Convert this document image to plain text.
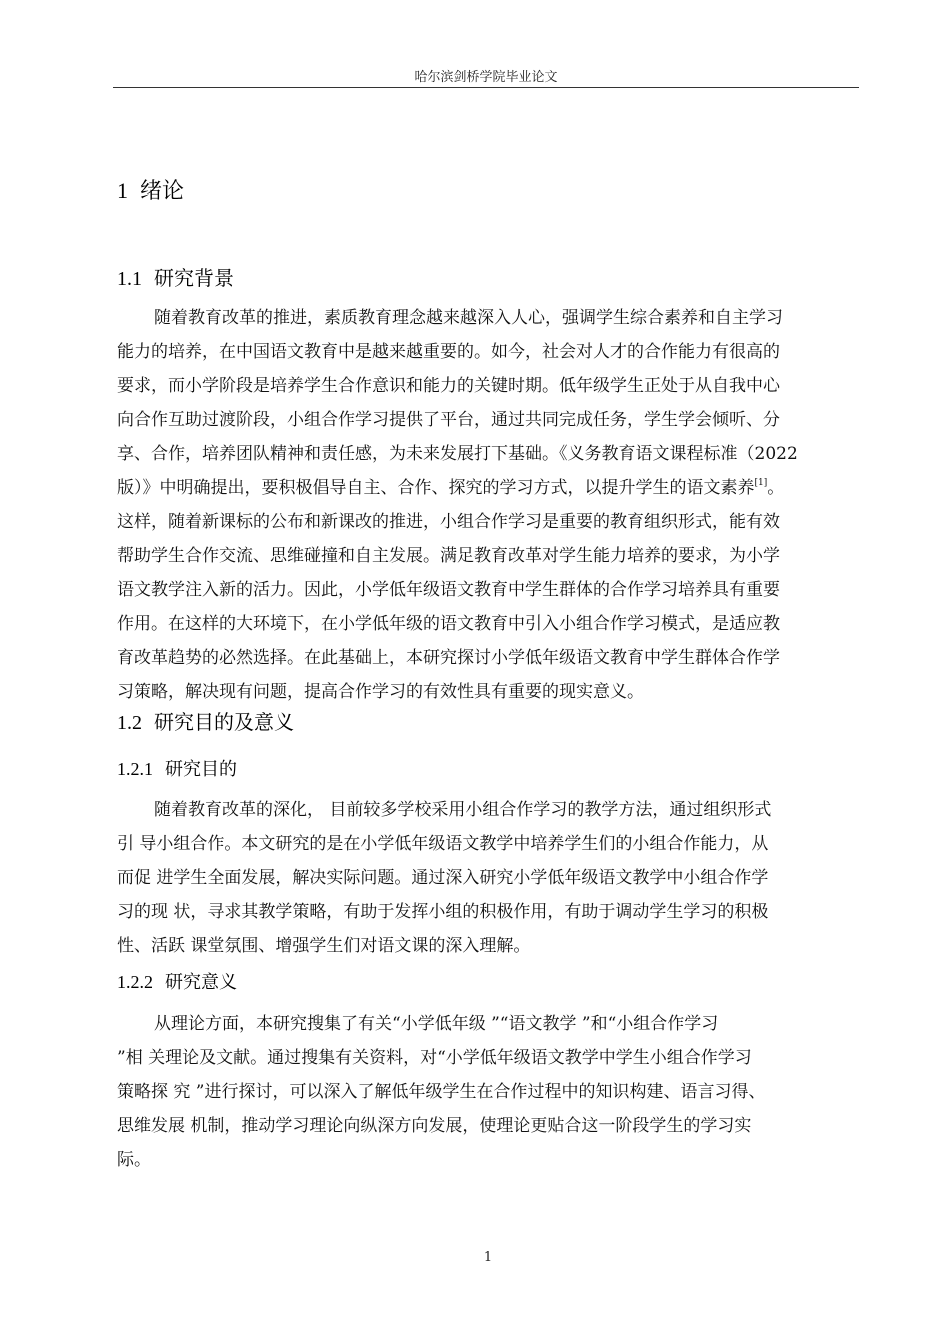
哈尔滨剑桥学院毕业论文
1 绪论
1.1 研究背景
随着教育改革的推进，素质教育理念越来越深入人心，强调学生综合素养和自主学习
能力的培养，在中国语文教育中是越来越重要的。如今，社会对人才的合作能力有很高的
要求，而小学阶段是培养学生合作意识和能力的关键时期。低年级学生正处于从自我中心
向合作互助过渡阶段，小组合作学习提供了平台，通过共同完成任务，学生学会倾听、分
享、合作，培养团队精神和责任感，为未来发展打下基础。《义务教育语文课程标准（2022
版）》中明确提出，要积极倡导自主、合作、探究的学习方式，以提升学生的语文素养[1]。
这样，随着新课标的公布和新课改的推进，小组合作学习是重要的教育组织形式，能有效
帮助学生合作交流、思维碰撞和自主发展。满足教育改革对学生能力培养的要求，为小学
语文教学注入新的活力。因此，小学低年级语文教育中学生群体的合作学习培养具有重要
作用。在这样的大环境下，在小学低年级的语文教育中引入小组合作学习模式，是适应教
育改革趋势的必然选择。在此基础上，本研究探讨小学低年级语文教育中学生群体合作学
习策略，解决现有问题，提高合作学习的有效性具有重要的现实意义。
1.2 研究目的及意义
1.2.1 研究目的
随着教育改革的深化， 目前较多学校采用小组合作学习的教学方法，通过组织形式
引 导小组合作。本文研究的是在小学低年级语文教学中培养学生们的小组合作能力，从
而促 进学生全面发展，解决实际问题。通过深入研究小学低年级语文教学中小组合作学
习的现 状，寻求其教学策略，有助于发挥小组的积极作用，有助于调动学生学习的积极
性、活跃 课堂氛围、增强学生们对语文课的深入理解。
1.2.2 研究意义
从理论方面，本研究搜集了有关“小学低年级 ”“语文教学 ”和“小组合作学习
”相 关理论及文献。通过搜集有关资料，对“小学低年级语文教学中学生小组合作学习
策略探 究 ”进行探讨，可以深入了解低年级学生在合作过程中的知识构建、语言习得、
思维发展 机制，推动学习理论向纵深方向发展，使理论更贴合这一阶段学生的学习实
际。
1
